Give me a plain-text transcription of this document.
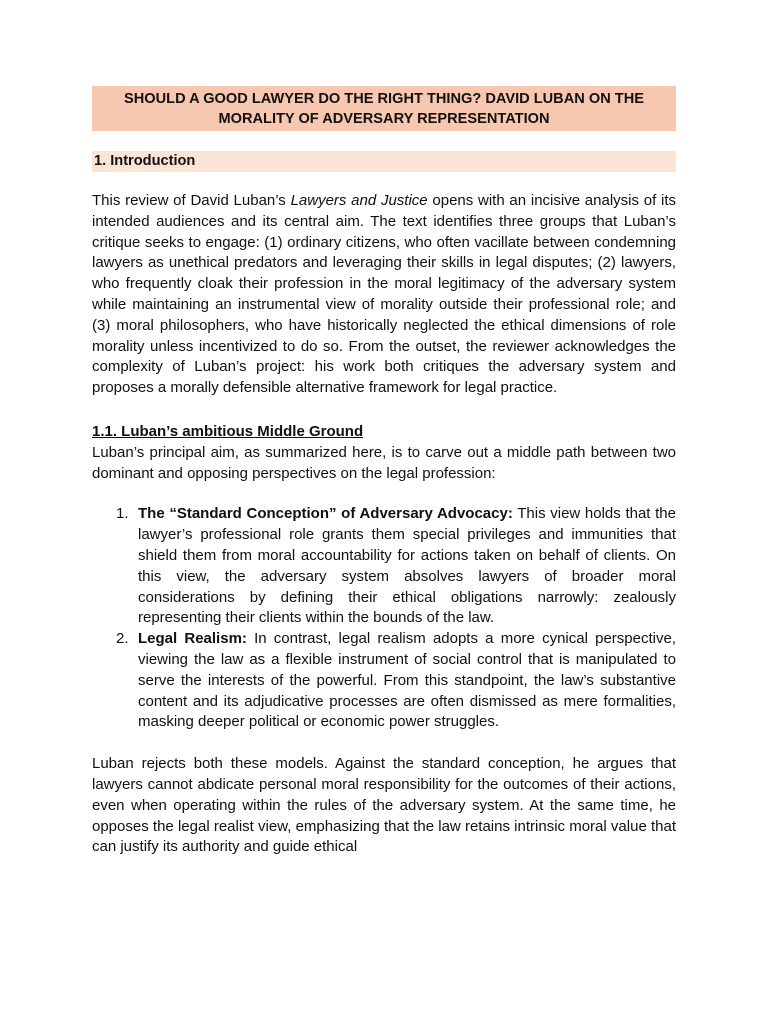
SHOULD A GOOD LAWYER DO THE RIGHT THING? DAVID LUBAN ON THE MORALITY OF ADVERSARY REPRESENTATION
1. Introduction

This review of David Luban’s Lawyers and Justice opens with an incisive analysis of its intended audiences and its central aim. The text identifies three groups that Luban’s critique seeks to engage: (1) ordinary citizens, who often vacillate between condemning lawyers as unethical predators and leveraging their skills in legal disputes; (2) lawyers, who frequently cloak their profession in the moral legitimacy of the adversary system while maintaining an instrumental view of morality outside their professional role; and (3) moral philosophers, who have historically neglected the ethical dimensions of role morality unless incentivized to do so. From the outset, the reviewer acknowledges the complexity of Luban’s project: his work both critiques the adversary system and proposes a morally defensible alternative framework for legal practice.

1.1. Luban’s ambitious Middle Ground

Luban’s principal aim, as summarized here, is to carve out a middle path between two dominant and opposing perspectives on the legal profession:

1. The “Standard Conception” of Adversary Advocacy: This view holds that the lawyer’s professional role grants them special privileges and immunities that shield them from moral accountability for actions taken on behalf of clients. On this view, the adversary system absolves lawyers of broader moral considerations by defining their ethical obligations narrowly: zealously representing their clients within the bounds of the law.
2. Legal Realism: In contrast, legal realism adopts a more cynical perspective, viewing the law as a flexible instrument of social control that is manipulated to serve the interests of the powerful. From this standpoint, the law’s substantive content and its adjudicative processes are often dismissed as mere formalities, masking deeper political or economic power struggles.

Luban rejects both these models. Against the standard conception, he argues that lawyers cannot abdicate personal moral responsibility for the outcomes of their actions, even when operating within the rules of the adversary system. At the same time, he opposes the legal realist view, emphasizing that the law retains intrinsic moral value that can justify its authority and guide ethical
